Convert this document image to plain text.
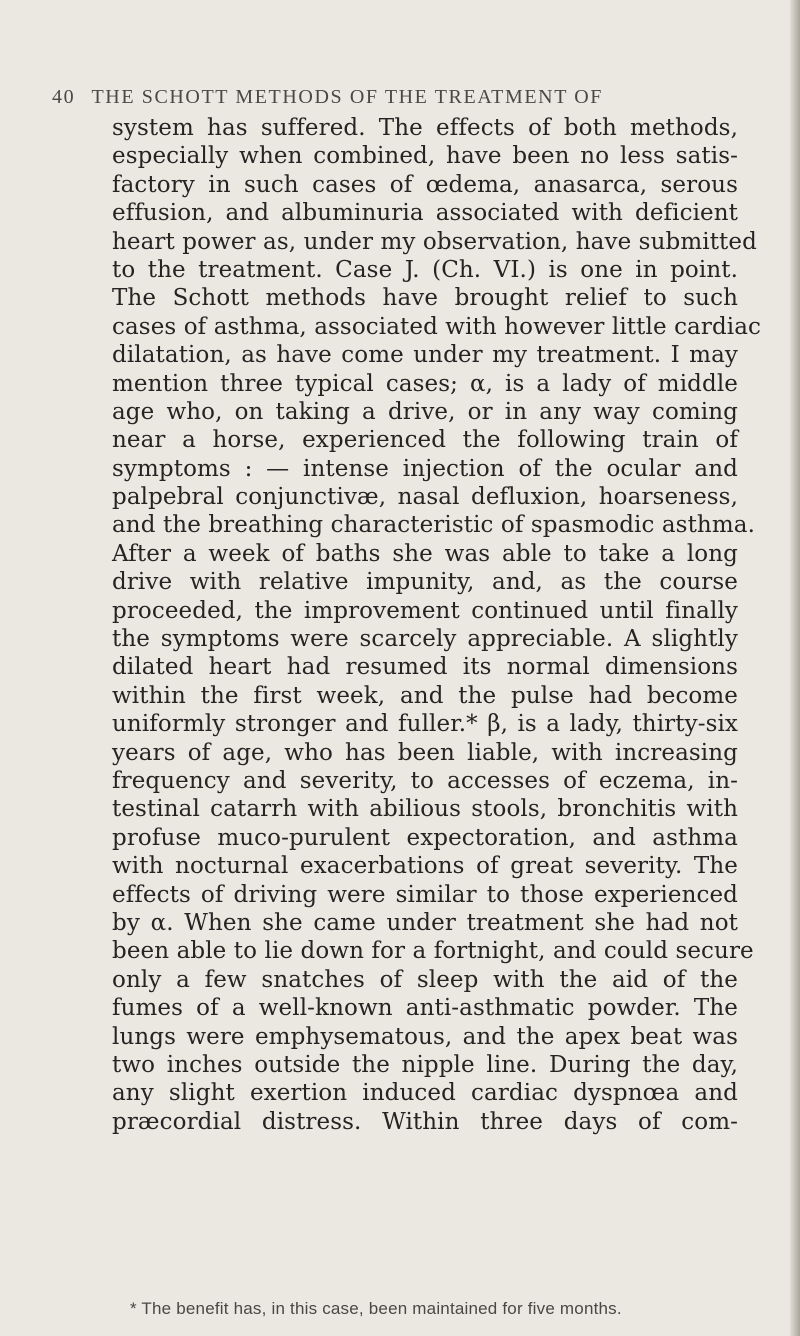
40 THE SCHOTT METHODS OF THE TREATMENT OF
system has suffered. The effects of both methods,
especially when combined, have been no less satis-
factory in such cases of œdema, anasarca, serous
effusion, and albuminuria associated with deficient
heart power as, under my observation, have submitted
to the treatment. Case J. (Ch. VI.) is one in point.
The Schott methods have brought relief to such
cases of asthma, associated with however little cardiac
dilatation, as have come under my treatment. I may
mention three typical cases; α, is a lady of middle
age who, on taking a drive, or in any way coming
near a horse, experienced the following train of
symptoms : — intense injection of the ocular and
palpebral conjunctivæ, nasal defluxion, hoarseness,
and the breathing characteristic of spasmodic asthma.
After a week of baths she was able to take a long
drive with relative impunity, and, as the course
proceeded, the improvement continued until finally
the symptoms were scarcely appreciable. A slightly
dilated heart had resumed its normal dimensions
within the first week, and the pulse had become
uniformly stronger and fuller.* β, is a lady, thirty-six
years of age, who has been liable, with increasing
frequency and severity, to accesses of eczema, in-
testinal catarrh with abilious stools, bronchitis with
profuse muco-purulent expectoration, and asthma
with nocturnal exacerbations of great severity. The
effects of driving were similar to those experienced
by α. When she came under treatment she had not
been able to lie down for a fortnight, and could secure
only a few snatches of sleep with the aid of the
fumes of a well-known anti-asthmatic powder. The
lungs were emphysematous, and the apex beat was
two inches outside the nipple line. During the day,
any slight exertion induced cardiac dyspnœa and
præcordial distress. Within three days of com-
* The benefit has, in this case, been maintained for five months.
